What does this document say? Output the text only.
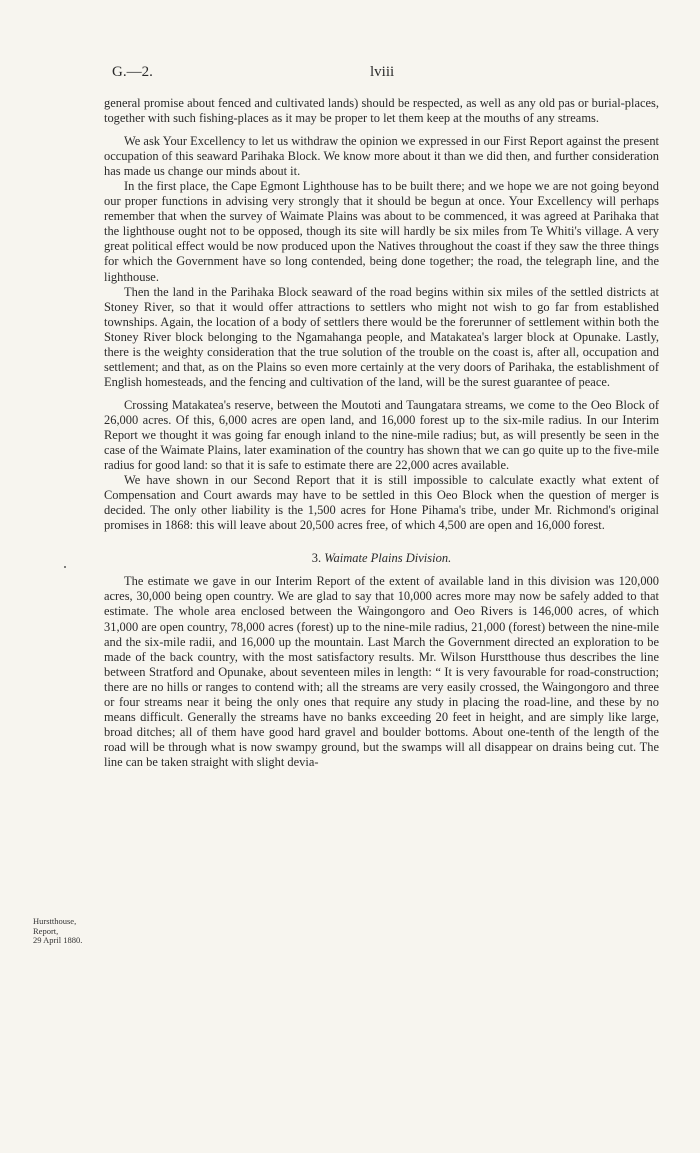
G.—2.	lviii
Hurstthouse,
Report,
29 April 1880.

general promise about fenced and cultivated lands) should be respected, as well as any old pas or burial-places, together with such fishing-places as it may be proper to let them keep at the mouths of any streams.

We ask Your Excellency to let us withdraw the opinion we expressed in our First Report against the present occupation of this seaward Parihaka Block. We know more about it than we did then, and further consideration has made us change our minds about it.

In the first place, the Cape Egmont Lighthouse has to be built there; and we hope we are not going beyond our proper functions in advising very strongly that it should be begun at once. Your Excellency will perhaps remember that when the survey of Waimate Plains was about to be commenced, it was agreed at Parihaka that the lighthouse ought not to be opposed, though its site will hardly be six miles from Te Whiti's village. A very great political effect would be now produced upon the Natives throughout the coast if they saw the three things for which the Government have so long contended, being done together; the road, the telegraph line, and the lighthouse.

Then the land in the Parihaka Block seaward of the road begins within six miles of the settled districts at Stoney River, so that it would offer attractions to settlers who might not wish to go far from established townships. Again, the location of a body of settlers there would be the forerunner of settlement within both the Stoney River block belonging to the Ngamahanga people, and Matakatea's larger block at Opunake. Lastly, there is the weighty consideration that the true solution of the trouble on the coast is, after all, occupation and settlement; and that, as on the Plains so even more certainly at the very doors of Parihaka, the establishment of English homesteads, and the fencing and cultivation of the land, will be the surest guarantee of peace.

Crossing Matakatea's reserve, between the Moutoti and Taungatara streams, we come to the Oeo Block of 26,000 acres. Of this, 6,000 acres are open land, and 16,000 forest up to the six-mile radius. In our Interim Report we thought it was going far enough inland to the nine-mile radius; but, as will presently be seen in the case of the Waimate Plains, later examination of the country has shown that we can go quite up to the five-mile radius for good land: so that it is safe to estimate there are 22,000 acres available.

We have shown in our Second Report that it is still impossible to calculate exactly what extent of Compensation and Court awards may have to be settled in this Oeo Block when the question of merger is decided. The only other liability is the 1,500 acres for Hone Pihama's tribe, under Mr. Richmond's original promises in 1868: this will leave about 20,500 acres free, of which 4,500 are open and 16,000 forest.

3. Waimate Plains Division.

The estimate we gave in our Interim Report of the extent of available land in this division was 120,000 acres, 30,000 being open country. We are glad to say that 10,000 acres more may now be safely added to that estimate. The whole area enclosed between the Waingongoro and Oeo Rivers is 146,000 acres, of which 31,000 are open country, 78,000 acres (forest) up to the nine-mile radius, 21,000 (forest) between the nine-mile and the six-mile radii, and 16,000 up the mountain. Last March the Government directed an exploration to be made of the back country, with the most satisfactory results. Mr. Wilson Hurstthouse thus describes the line between Stratford and Opunake, about seventeen miles in length: “ It is very favourable for road-construction; there are no hills or ranges to contend with; all the streams are very easily crossed, the Waingongoro and three or four streams near it being the only ones that require any study in placing the road-line, and these by no means difficult. Generally the streams have no banks exceeding 20 feet in height, and are simply like large, broad ditches; all of them have good hard gravel and boulder bottoms. About one-tenth of the length of the road will be through what is now swampy ground, but the swamps will all disappear on drains being cut. The line can be taken straight with slight devia-
